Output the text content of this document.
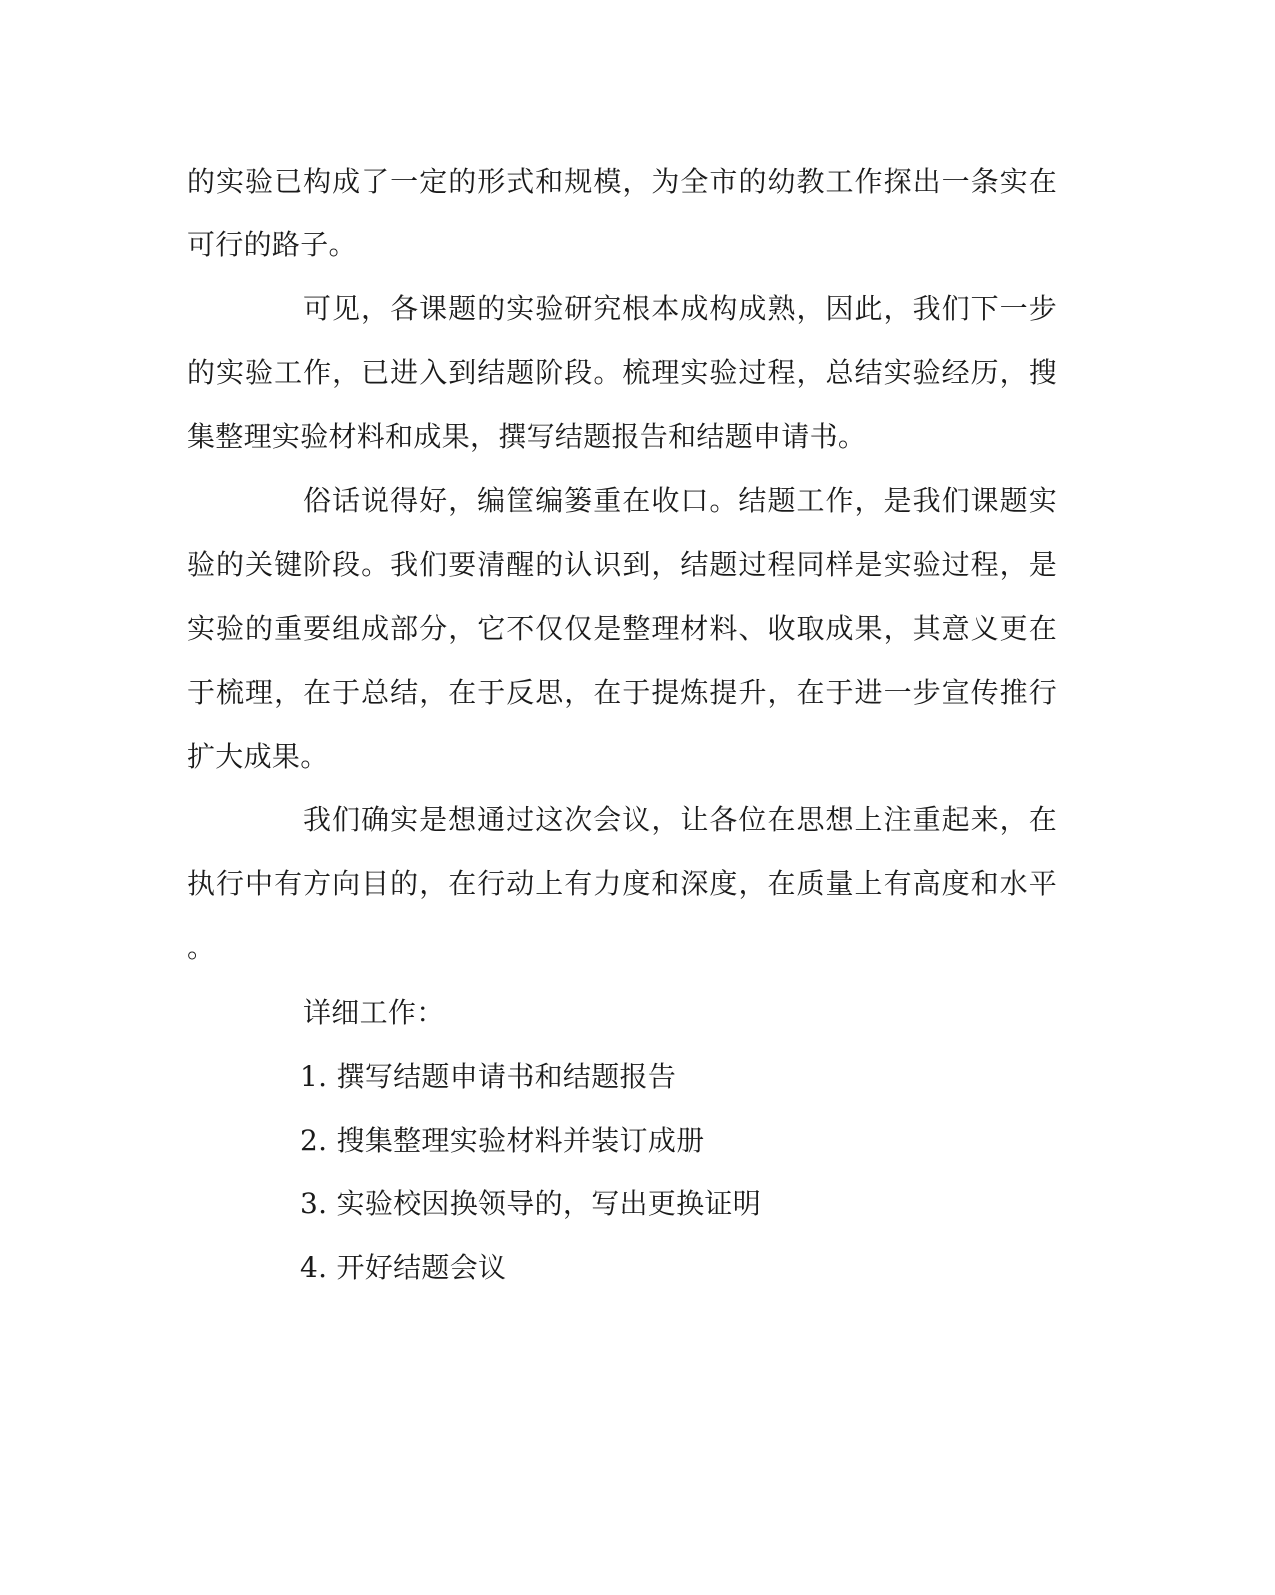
的实验已构成了一定的形式和规模，为全市的幼教工作探出一条实在

可行的路子。

可见，各课题的实验研究根本成构成熟，因此，我们下一步

的实验工作，已进入到结题阶段。梳理实验过程，总结实验经历，搜

集整理实验材料和成果，撰写结题报告和结题申请书。

俗话说得好，编筐编篓重在收口。结题工作，是我们课题实

验的关键阶段。我们要清醒的认识到，结题过程同样是实验过程，是

实验的重要组成部分，它不仅仅是整理材料、收取成果，其意义更在

于梳理，在于总结，在于反思，在于提炼提升，在于进一步宣传推行

扩大成果。

我们确实是想通过这次会议，让各位在思想上注重起来，在

执行中有方向目的，在行动上有力度和深度，在质量上有高度和水平

。

详细工作：

1. 撰写结题申请书和结题报告

2. 搜集整理实验材料并装订成册

3. 实验校因换领导的，写出更换证明

4. 开好结题会议
